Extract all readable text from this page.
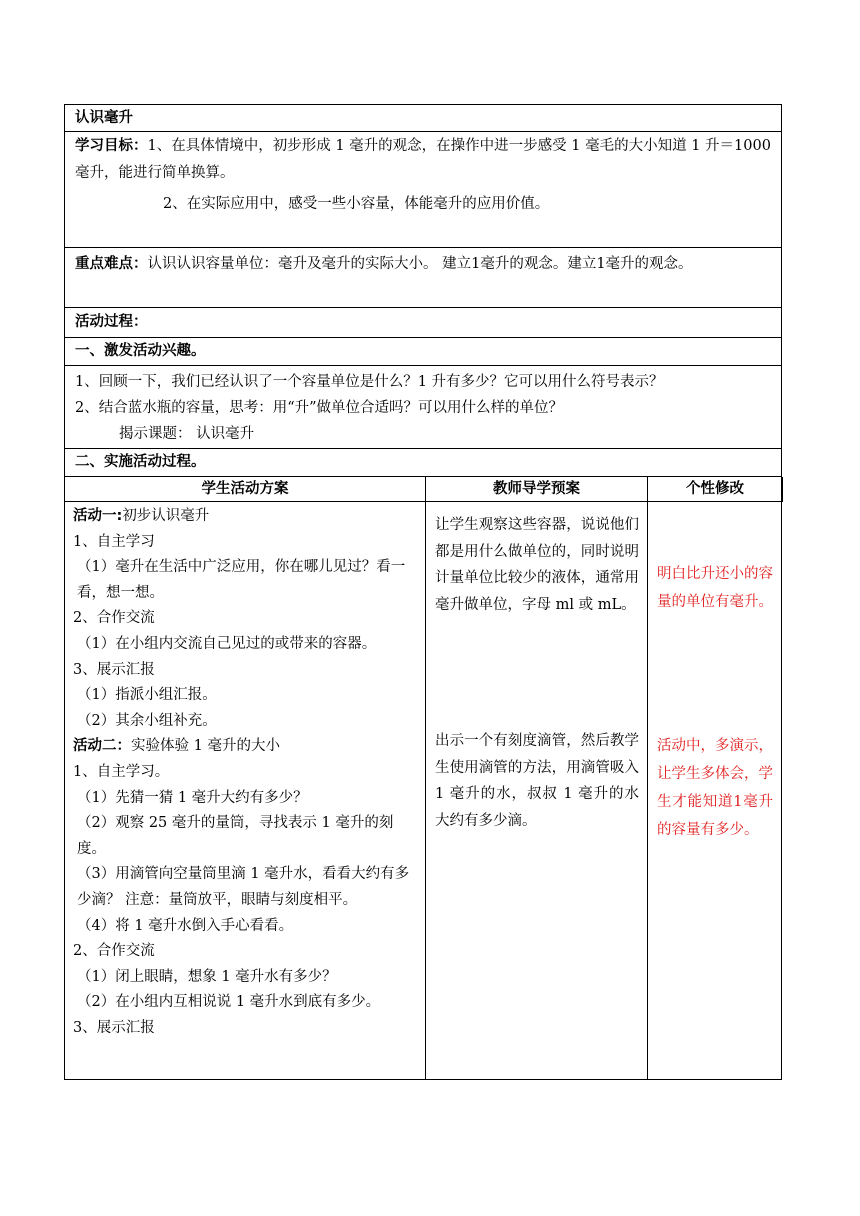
认识毫升

学习目标：1、在具体情境中，初步形成 1 毫升的观念，在操作中进一步感受 1 毫毛的大小知道 1 升＝1000 毫升，能进行简单换算。

2、在实际应用中，感受一些小容量，体能毫升的应用价值。

重点难点：认识认识容量单位：毫升及毫升的实际大小。 建立1毫升的观念。建立1毫升的观念。
活动过程：
一、激发活动兴趣。

1、回顾一下，我们已经认识了一个容量单位是什么？1 升有多少？它可以用什么符号表示？

2、结合蓝水瓶的容量，思考：用“升”做单位合适吗？可以用什么样的单位？

揭示课题： 认识毫升

二、实施活动过程。
学生活动方案	教师导学预案	个性修改

活动一:初步认识毫升

1、自主学习

（1）毫升在生活中广泛应用，你在哪儿见过？看一看，想一想。

2、合作交流

（1）在小组内交流自己见过的或带来的容器。

3、展示汇报

（1）指派小组汇报。

（2）其余小组补充。

活动二：实验体验 1 毫升的大小

1、自主学习。

（1）先猜一猜 1 毫升大约有多少？

（2）观察 25 毫升的量筒，寻找表示 1 毫升的刻度。

（3）用滴管向空量筒里滴 1 毫升水，看看大约有多少滴？ 注意：量筒放平，眼睛与刻度相平。

（4）将 1 毫升水倒入手心看看。

2、合作交流

（1）闭上眼睛，想象 1 毫升水有多少？

（2）在小组内互相说说 1 毫升水到底有多少。

3、展示汇报

让学生观察这些容器，说说他们都是用什么做单位的，同时说明计量单位比较少的液体，通常用毫升做单位，字母 ml 或 mL。

出示一个有刻度滴管，然后教学生使用滴管的方法，用滴管吸入 1 毫升的水，叔叔 1 毫升的水大约有多少滴。

明白比升还小的容量的单位有毫升。

活动中，多演示，让学生多体会，学生才能知道1毫升的容量有多少。
